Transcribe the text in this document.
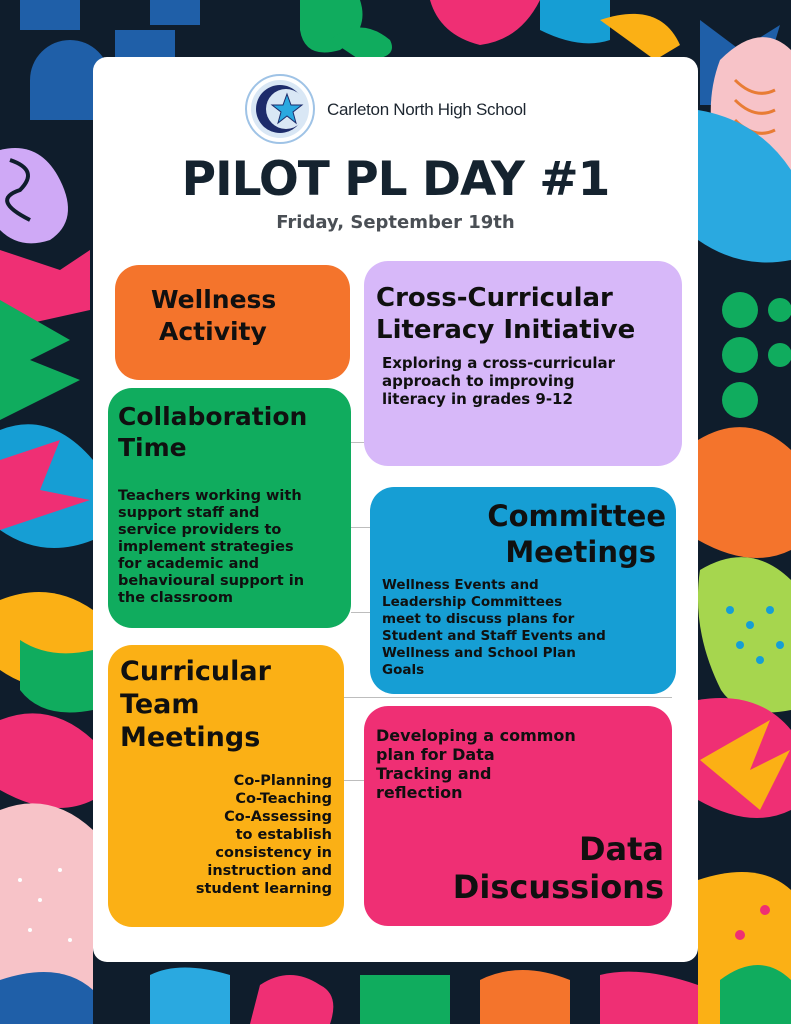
Carleton North High School
PILOT PL DAY #1
Friday, September 19th
Wellness
Activity
Cross-Curricular
Literacy Initiative
Exploring a cross-curricular
approach to improving
literacy in grades 9-12
Collaboration
Time
Teachers working with
support staff and
service providers to
implement strategies
for academic and
behavioural support in
the classroom
Committee
Meetings
Wellness Events and
Leadership Committees
meet to discuss plans for
Student and Staff Events and
Wellness and School Plan
Goals
Curricular
Team
Meetings
Co-Planning
Co-Teaching
Co-Assessing
to establish
consistency in
instruction and
student learning
Developing a common
plan for Data
Tracking and
reflection
Data
Discussions
